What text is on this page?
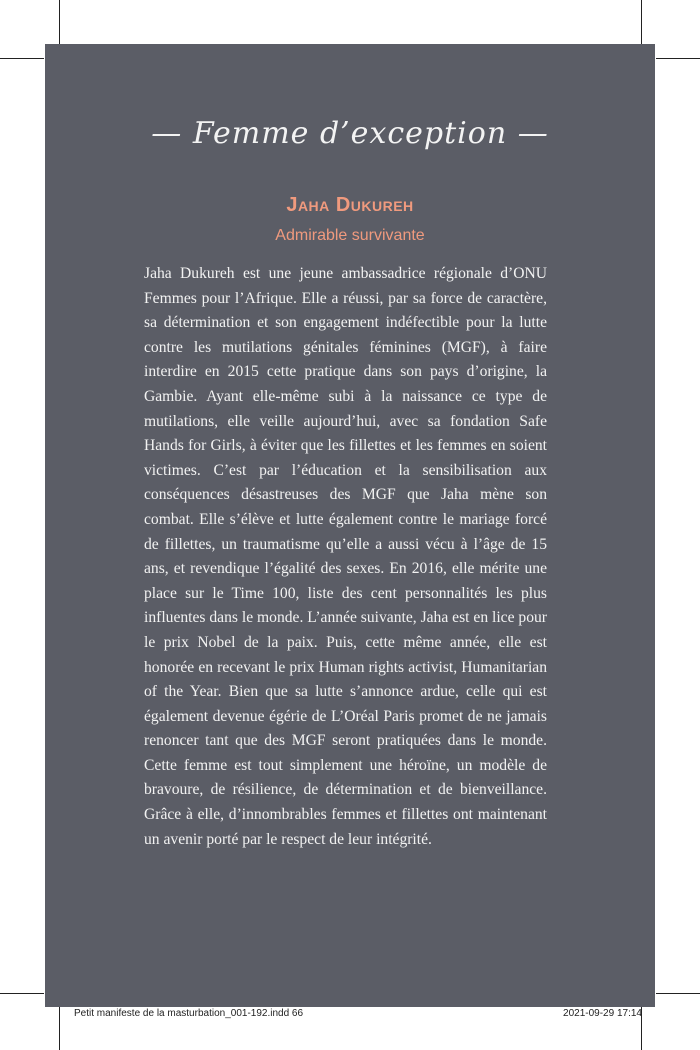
— Femme d’exception —
Jaha Dukureh
Admirable survivante

Jaha Dukureh est une jeune ambassadrice régionale d’ONU Femmes pour l’Afrique. Elle a réussi, par sa force de caractère, sa détermination et son engagement indéfectible pour la lutte contre les mutilations génitales féminines (MGF), à faire interdire en 2015 cette pratique dans son pays d’origine, la Gambie. Ayant elle-même subi à la naissance ce type de mutilations, elle veille aujourd’hui, avec sa fondation Safe Hands for Girls, à éviter que les fillettes et les femmes en soient victimes. C’est par l’éducation et la sensibilisation aux conséquences désastreuses des MGF que Jaha mène son combat. Elle s’élève et lutte également contre le mariage forcé de fillettes, un traumatisme qu’elle a aussi vécu à l’âge de 15 ans, et revendique l’égalité des sexes. En 2016, elle mérite une place sur le Time 100, liste des cent personnalités les plus influentes dans le monde. L’année suivante, Jaha est en lice pour le prix Nobel de la paix. Puis, cette même année, elle est honorée en recevant le prix Human rights activist, Humanitarian of the Year. Bien que sa lutte s’annonce ardue, celle qui est également devenue égérie de L’Oréal Paris promet de ne jamais renoncer tant que des MGF seront pratiquées dans le monde. Cette femme est tout simplement une héroïne, un modèle de bravoure, de résilience, de détermination et de bienveillance. Grâce à elle, d’innombrables femmes et fillettes ont maintenant un avenir porté par le respect de leur intégrité.

Petit manifeste de la masturbation_001-192.indd 66	2021-09-29 17:14
